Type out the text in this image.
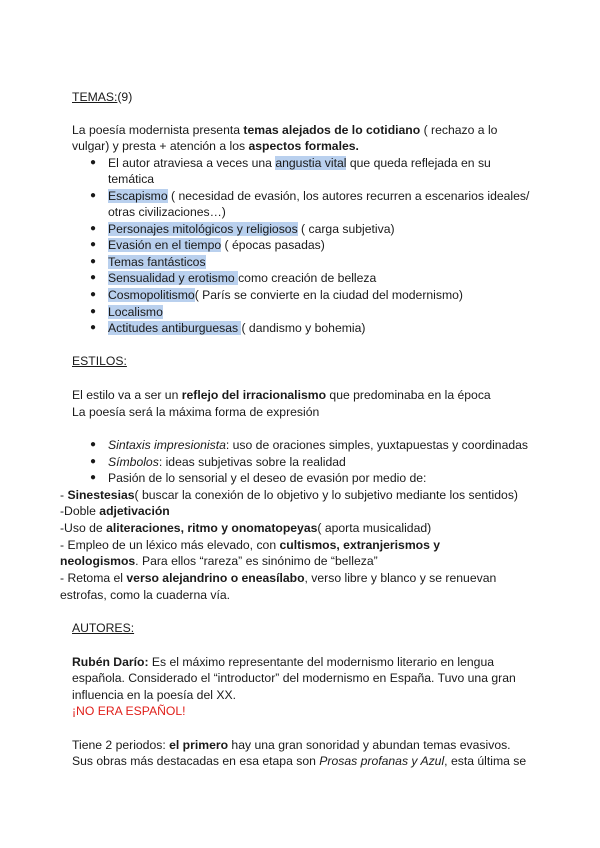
TEMAS:(9)
La poesía modernista presenta temas alejados de lo cotidiano ( rechazo a lo
vulgar) y presta + atención a los aspectos formales.
● El autor atraviesa a veces una angustia vital que queda reflejada en su
temática
● Escapismo ( necesidad de evasión, los autores recurren a escenarios ideales/
otras civilizaciones…)
● Personajes mitológicos y religiosos ( carga subjetiva)
● Evasión en el tiempo ( épocas pasadas)
● Temas fantásticos
● Sensualidad y erotismo como creación de belleza
● Cosmopolitismo( París se convierte en la ciudad del modernismo)
● Localismo
● Actitudes antiburguesas ( dandismo y bohemia)
ESTILOS:
El estilo va a ser un reflejo del irracionalismo que predominaba en la época
La poesía será la máxima forma de expresión
● Sintaxis impresionista: uso de oraciones simples, yuxtapuestas y coordinadas
● Símbolos: ideas subjetivas sobre la realidad
● Pasión de lo sensorial y el deseo de evasión por medio de:
- Sinestesias( buscar la conexión de lo objetivo y lo subjetivo mediante los sentidos)
-Doble adjetivación
-Uso de aliteraciones, ritmo y onomatopeyas( aporta musicalidad)
- Empleo de un léxico más elevado, con cultismos, extranjerismos y
neologismos. Para ellos “rareza” es sinónimo de “belleza”
- Retoma el verso alejandrino o eneasílabo, verso libre y blanco y se renuevan
estrofas, como la cuaderna vía.
AUTORES:
Rubén Darío: Es el máximo representante del modernismo literario en lengua
española. Considerado el “introductor” del modernismo en España. Tuvo una gran
influencia en la poesía del XX.
¡NO ERA ESPAÑOL!
Tiene 2 periodos: el primero hay una gran sonoridad y abundan temas evasivos.
Sus obras más destacadas en esa etapa son Prosas profanas y Azul, esta última se
